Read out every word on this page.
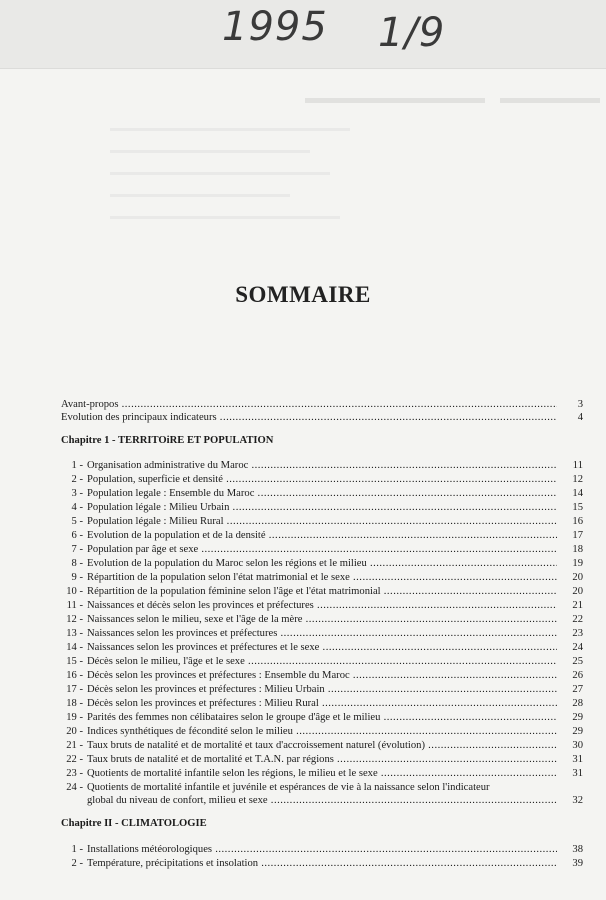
1995 1/9
SOMMAIRE
Avant-propos .....	3
Evolution des principaux indicateurs .....	4
Chapitre 1 - TERRITOiRE ET POPULATION
1 - Organisation administrative du Maroc .....	11
2 - Population, superficie et densité .....	12
3 - Population legale : Ensemble du Maroc .....	14
4 - Population légale : Milieu Urbain .....	15
5 - Population légale : Milieu Rural .....	16
6 - Evolution de la population et de la densité .....	17
7 - Population par âge et sexe .....	18
8 - Evolution de la population du Maroc selon les régions et le milieu .....	19
9 - Répartition de la population selon l'état matrimonial et le sexe .....	20
10 - Répartition de la population féminine selon l'âge et l'état matrimonial .....	20
11 - Naissances et décès selon les provinces et préfectures .....	21
12 - Naissances selon le milieu, sexe et l'âge de la mère .....	22
13 - Naissances selon les provinces et préfectures .....	23
14 - Naissances selon les provinces et préfectures et le sexe .....	24
15 - Décès selon le milieu, l'âge et le sexe .....	25
16 - Décès selon les provinces et préfectures : Ensemble du Maroc .....	26
17 - Décès selon les provinces et préfectures : Milieu Urbain .....	27
18 - Décès selon les provinces et préfectures : Milieu Rural .....	28
19 - Parités des femmes non célibataires selon le groupe d'âge et le milieu .....	29
20 - Indices synthétiques de fécondité selon le milieu .....	29
21 - Taux bruts de natalité et de mortalité et taux d'accroissement naturel (évolution) .....	30
22 - Taux bruts de natalité et de mortalité et T.A.N. par régions .....	31
23 - Quotients de mortalité infantile selon les régions, le milieu et le sexe .....	31
24 - Quotients de mortalité infantile et juvénile et espérances de vie à la naissance selon l'indicateur
global du niveau de confort, milieu et sexe .....	32
Chapitre II - CLIMATOLOGIE
1 - Installations météorologiques .....	38
2 - Température, précipitations et insolation .....	39
